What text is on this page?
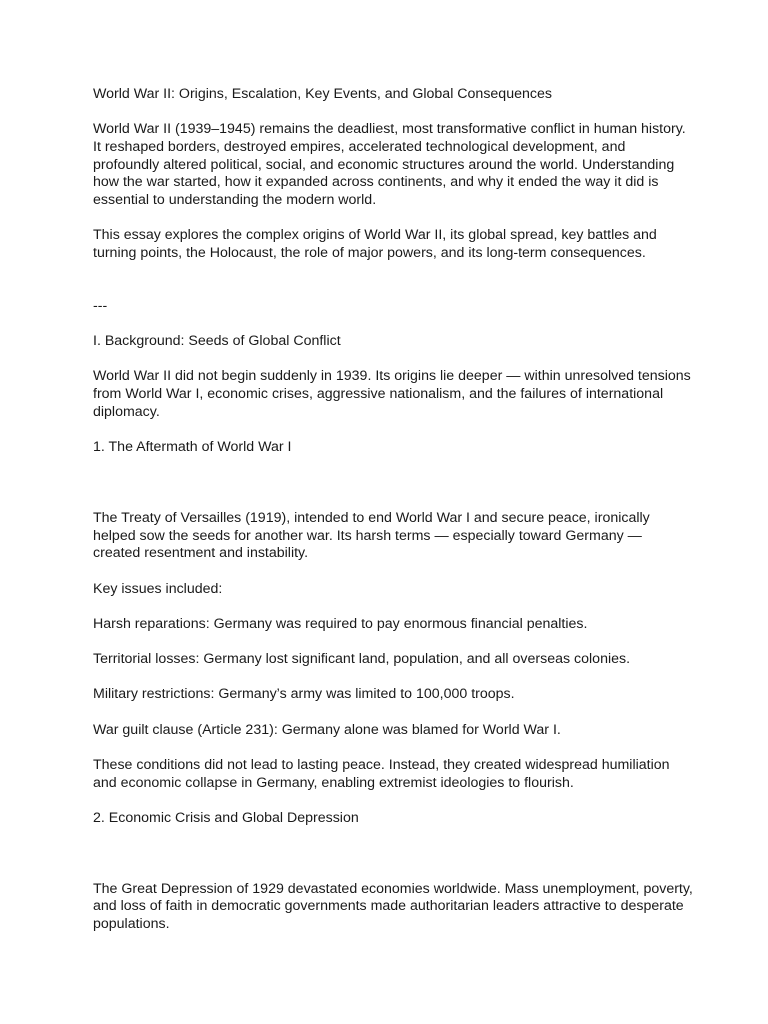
World War II: Origins, Escalation, Key Events, and Global Consequences

World War II (1939–1945) remains the deadliest, most transformative conflict in human history. It reshaped borders, destroyed empires, accelerated technological development, and profoundly altered political, social, and economic structures around the world. Understanding how the war started, how it expanded across continents, and why it ended the way it did is essential to understanding the modern world.

This essay explores the complex origins of World War II, its global spread, key battles and turning points, the Holocaust, the role of major powers, and its long-term consequences.

---

I. Background: Seeds of Global Conflict

World War II did not begin suddenly in 1939. Its origins lie deeper — within unresolved tensions from World War I, economic crises, aggressive nationalism, and the failures of international diplomacy.

1. The Aftermath of World War I

The Treaty of Versailles (1919), intended to end World War I and secure peace, ironically helped sow the seeds for another war. Its harsh terms — especially toward Germany — created resentment and instability.

Key issues included:

Harsh reparations: Germany was required to pay enormous financial penalties.

Territorial losses: Germany lost significant land, population, and all overseas colonies.

Military restrictions: Germany’s army was limited to 100,000 troops.

War guilt clause (Article 231): Germany alone was blamed for World War I.

These conditions did not lead to lasting peace. Instead, they created widespread humiliation and economic collapse in Germany, enabling extremist ideologies to flourish.

2. Economic Crisis and Global Depression

The Great Depression of 1929 devastated economies worldwide. Mass unemployment, poverty, and loss of faith in democratic governments made authoritarian leaders attractive to desperate populations.
